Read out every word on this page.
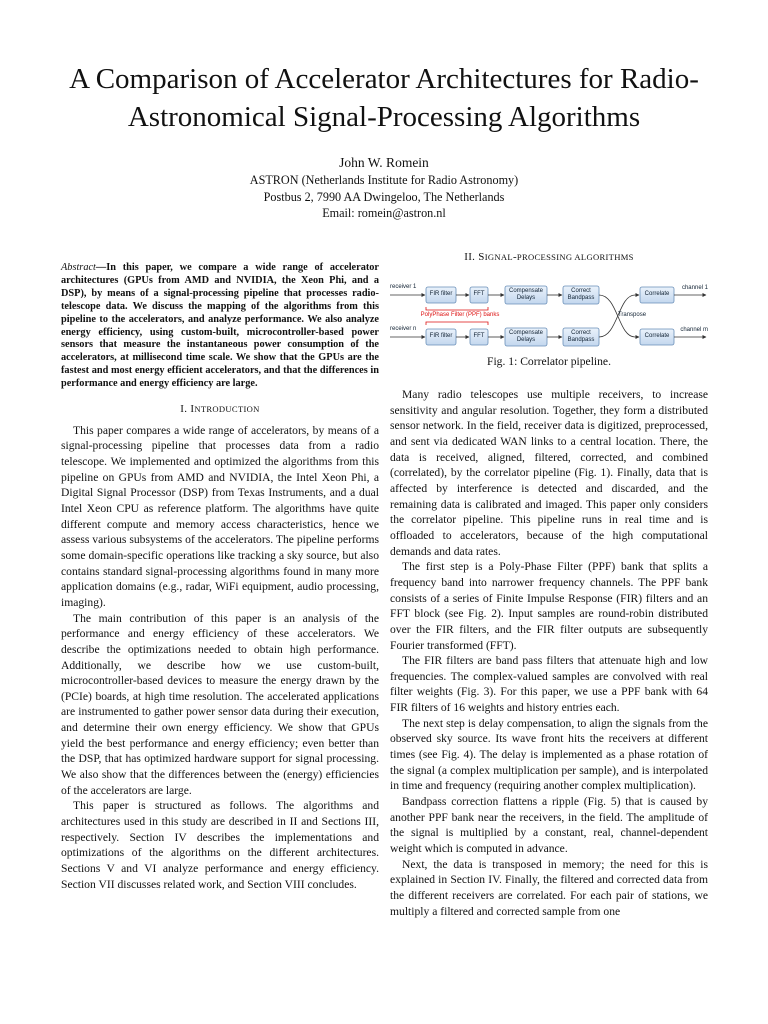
A Comparison of Accelerator Architectures for Radio-Astronomical Signal-Processing Algorithms
John W. Romein
ASTRON (Netherlands Institute for Radio Astronomy)
Postbus 2, 7990 AA Dwingeloo, The Netherlands
Email: romein@astron.nl
Abstract—In this paper, we compare a wide range of accelerator architectures (GPUs from AMD and NVIDIA, the Xeon Phi, and a DSP), by means of a signal-processing pipeline that processes radio-telescope data. We discuss the mapping of the algorithms from this pipeline to the accelerators, and analyze performance. We also analyze energy efficiency, using custom-built, microcontroller-based power sensors that measure the instantaneous power consumption of the accelerators, at millisecond time scale. We show that the GPUs are the fastest and most energy efficient accelerators, and that the differences in performance and energy efficiency are large.
I. INTRODUCTION

This paper compares a wide range of accelerators, by means of a signal-processing pipeline that processes data from a radio telescope. We implemented and optimized the algorithms from this pipeline on GPUs from AMD and NVIDIA, the Intel Xeon Phi, a Digital Signal Processor (DSP) from Texas Instruments, and a dual Intel Xeon CPU as reference platform. The algorithms have quite different compute and memory access characteristics, hence we assess various subsystems of the accelerators. The pipeline performs some domain-specific operations like tracking a sky source, but also contains standard signal-processing algorithms found in many more application domains (e.g., radar, WiFi equipment, audio processing, imaging).

The main contribution of this paper is an analysis of the performance and energy efficiency of these accelerators. We describe the optimizations needed to obtain high performance. Additionally, we describe how we use custom-built, microcontroller-based devices to measure the energy drawn by the (PCIe) boards, at high time resolution. The accelerated applications are instrumented to gather power sensor data during their execution, and determine their own energy efficiency. We show that GPUs yield the best performance and energy efficiency; even better than the DSP, that has optimized hardware support for signal processing. We also show that the differences between the (energy) efficiencies of the accelerators are large.

This paper is structured as follows. The algorithms and architectures used in this study are described in II and Sections III, respectively. Section IV describes the implementations and optimizations of the algorithms on the different architectures. Sections V and VI analyze performance and energy efficiency. Section VII discusses related work, and Section VIII concludes.

II. SIGNAL-PROCESSING ALGORITHMS
receiver 1
receiver n
FIR filter	FFT	Compensate Delays
Correct Bandpass
Correlate
channel 1
PolyPhase Filter (PPF) banks	Transpose
FIR filter	FFT	Compensate Delays
Correct Bandpass
Correlate
channel m
Fig. 1: Correlator pipeline.

Many radio telescopes use multiple receivers, to increase sensitivity and angular resolution. Together, they form a distributed sensor network. In the field, receiver data is digitized, preprocessed, and sent via dedicated WAN links to a central location. There, the data is received, aligned, filtered, corrected, and combined (correlated), by the correlator pipeline (Fig. 1). Finally, data that is affected by interference is detected and discarded, and the remaining data is calibrated and imaged. This paper only considers the correlator pipeline. This pipeline runs in real time and is offloaded to accelerators, because of the high computational demands and data rates.

The first step is a Poly-Phase Filter (PPF) bank that splits a frequency band into narrower frequency channels. The PPF bank consists of a series of Finite Impulse Response (FIR) filters and an FFT block (see Fig. 2). Input samples are round-robin distributed over the FIR filters, and the FIR filter outputs are subsequently Fourier transformed (FFT).

The FIR filters are band pass filters that attenuate high and low frequencies. The complex-valued samples are convolved with real filter weights (Fig. 3). For this paper, we use a PPF bank with 64 FIR filters of 16 weights and history entries each.

The next step is delay compensation, to align the signals from the observed sky source. Its wave front hits the receivers at different times (see Fig. 4). The delay is implemented as a phase rotation of the signal (a complex multiplication per sample), and is interpolated in time and frequency (requiring another complex multiplication).

Bandpass correction flattens a ripple (Fig. 5) that is caused by another PPF bank near the receivers, in the field. The amplitude of the signal is multiplied by a constant, real, channel-dependent weight which is computed in advance.

Next, the data is transposed in memory; the need for this is explained in Section IV. Finally, the filtered and corrected data from the different receivers are correlated. For each pair of stations, we multiply a filtered and corrected sample from one
